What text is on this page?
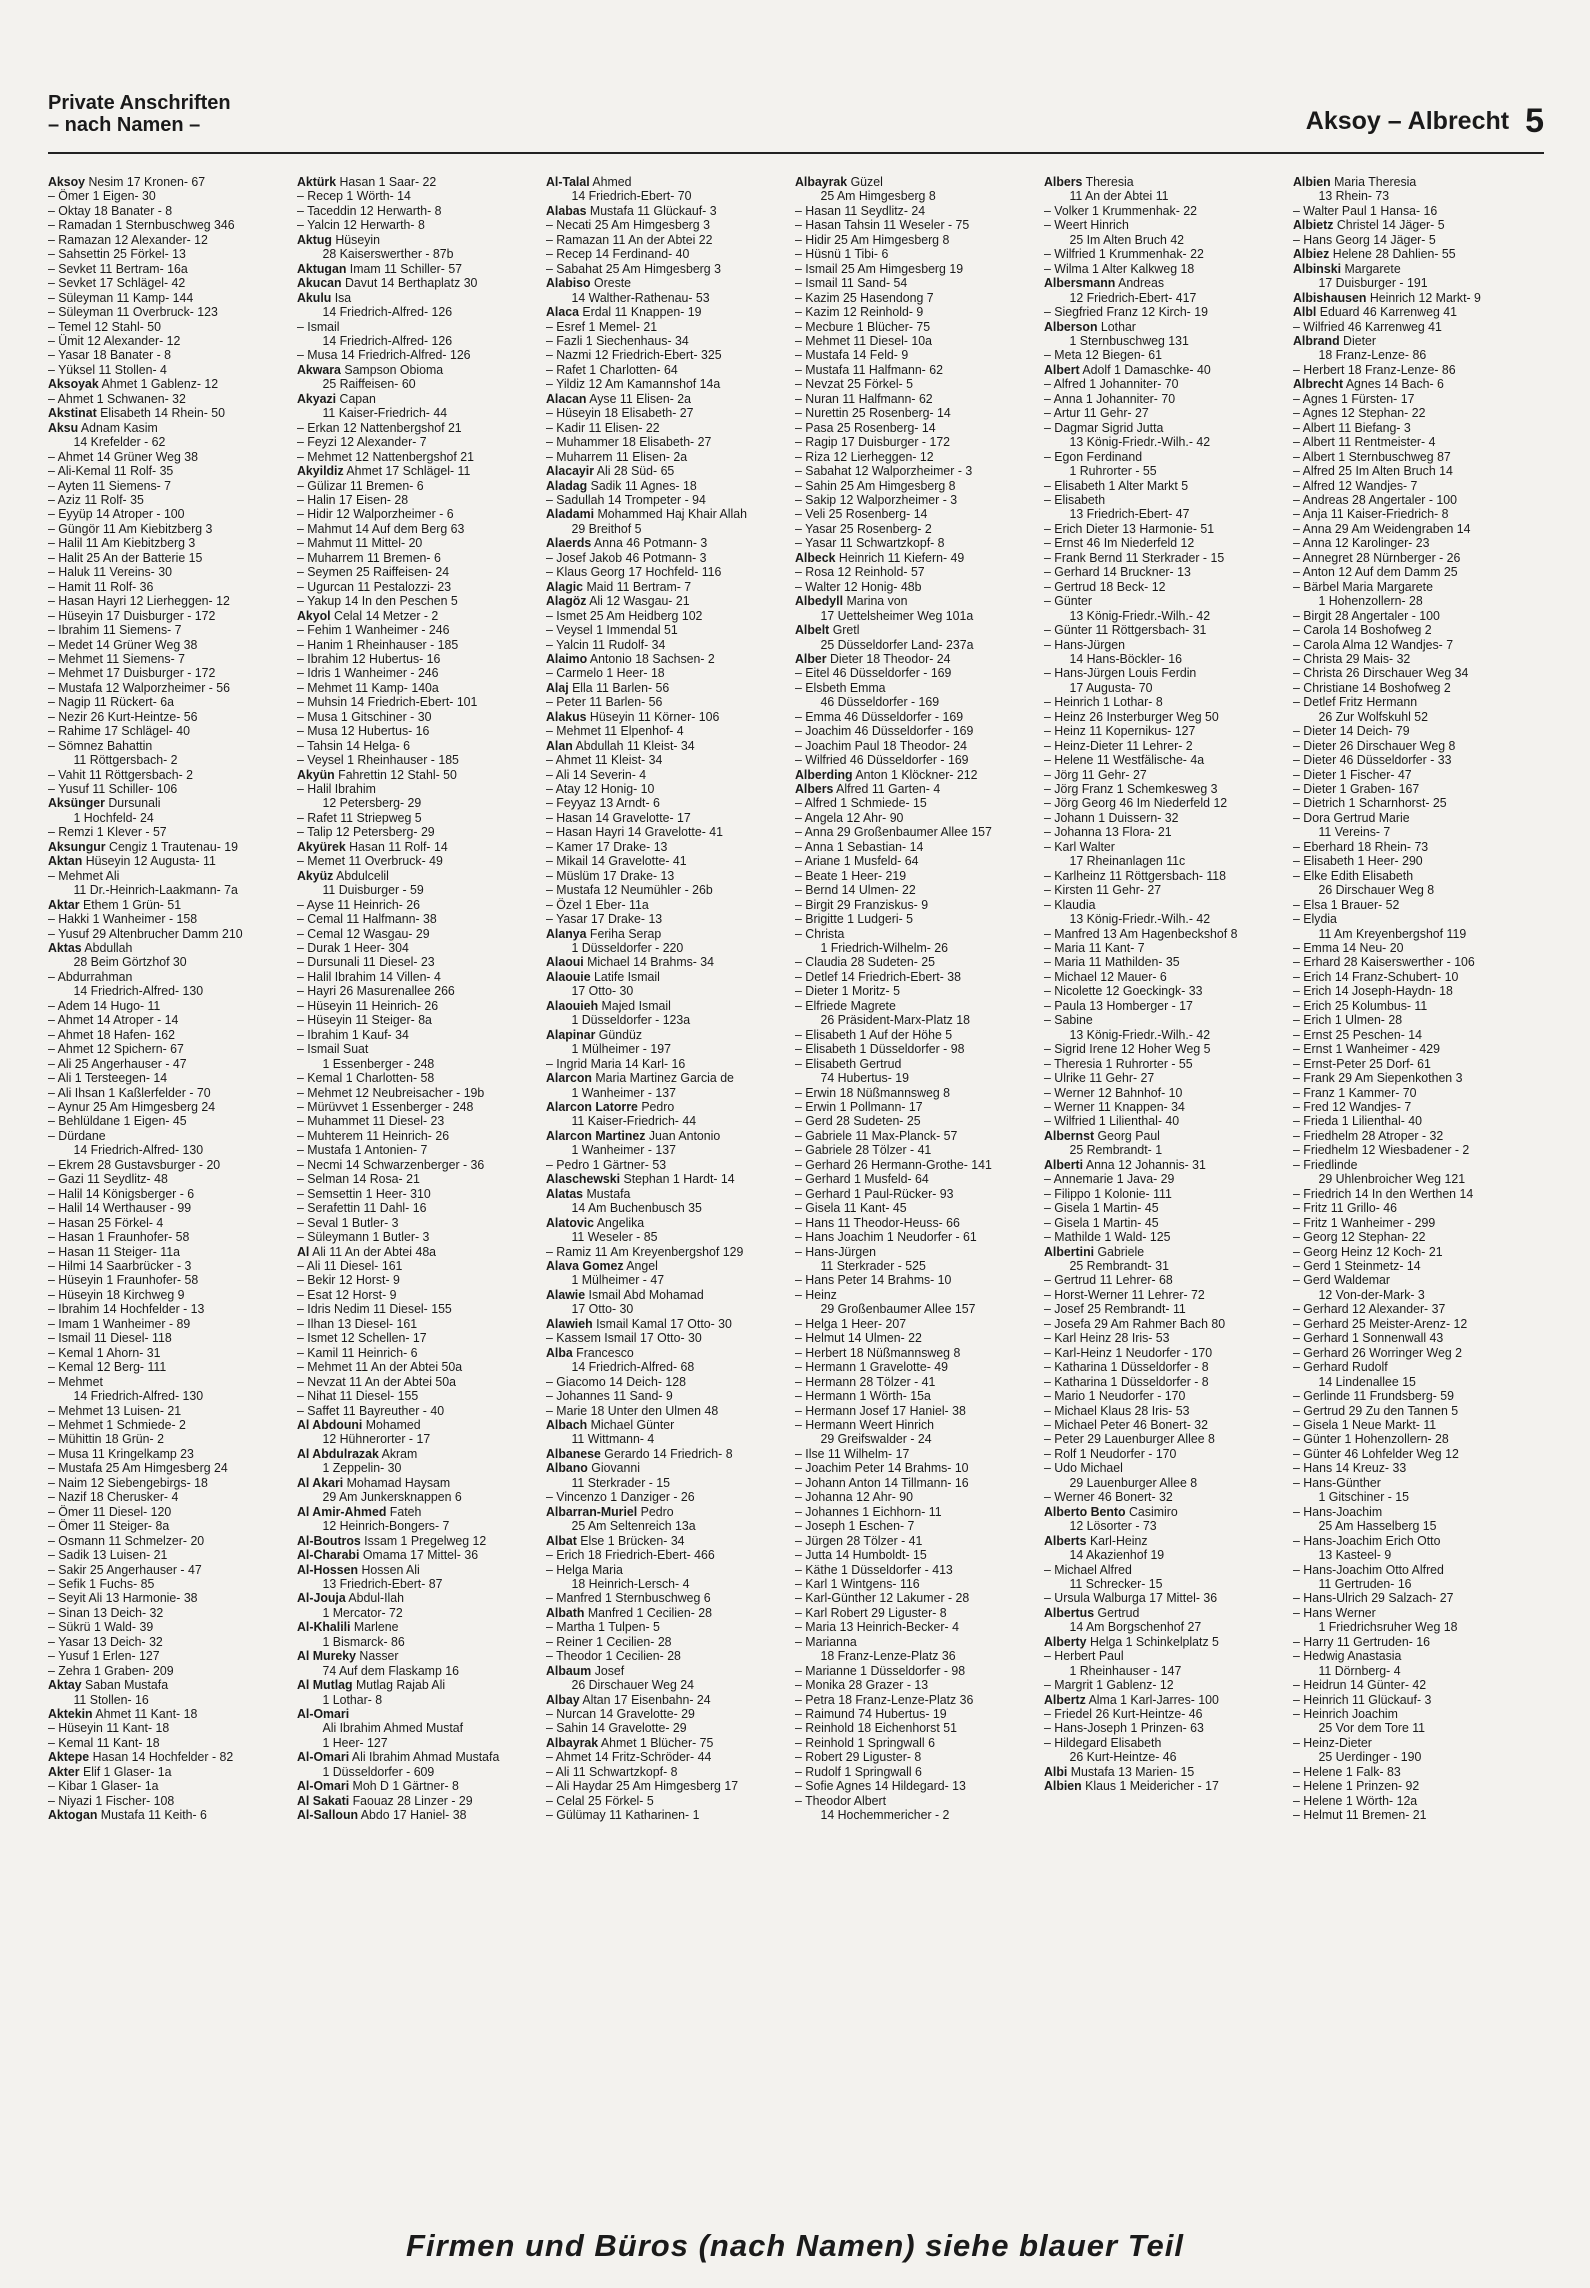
Private Anschriften
– nach Namen –	Aksoy – Albrecht 5
Aksoy Nesim 17 Kronen- 67
– Ömer 1 Eigen- 30
– Oktay 18 Banater - 8
– Ramadan 1 Sternbuschweg 346
– Ramazan 12 Alexander- 12
– Sahsettin 25 Förkel- 13
– Sevket 11 Bertram- 16a
– Sevket 17 Schlägel- 42
– Süleyman 11 Kamp- 144
– Süleyman 11 Overbruck- 123
– Temel 12 Stahl- 50
– Ümit 12 Alexander- 12
– Yasar 18 Banater - 8
– Yüksel 11 Stollen- 4
Aksoyak Ahmet 1 Gablenz- 12
– Ahmet 1 Schwanen- 32
Akstinat Elisabeth 14 Rhein- 50
Aksu Adnam Kasim
14 Krefelder - 62
– Ahmet 14 Grüner Weg 38
– Ali-Kemal 11 Rolf- 35
– Ayten 11 Siemens- 7
– Aziz 11 Rolf- 35
– Eyyüp 14 Atroper - 100
– Güngör 11 Am Kiebitzberg 3
– Halil 11 Am Kiebitzberg 3
– Halit 25 An der Batterie 15
– Haluk 11 Vereins- 30
– Hamit 11 Rolf- 36
– Hasan Hayri 12 Lierheggen- 12
– Hüseyin 17 Duisburger - 172
– Ibrahim 11 Siemens- 7
– Medet 14 Grüner Weg 38
– Mehmet 11 Siemens- 7
– Mehmet 17 Duisburger - 172
– Mustafa 12 Walporzheimer - 56
– Nagip 11 Rückert- 6a
– Nezir 26 Kurt-Heintze- 56
– Rahime 17 Schlägel- 40
– Sömnez Bahattin
11 Röttgersbach- 2
– Vahit 11 Röttgersbach- 2
– Yusuf 11 Schiller- 106
Aksünger Dursunali
1 Hochfeld- 24
– Remzi 1 Klever - 57
Aksungur Cengiz 1 Trautenau- 19
Aktan Hüseyin 12 Augusta- 11
– Mehmet Ali
11 Dr.-Heinrich-Laakmann- 7a
Aktar Ethem 1 Grün- 51
– Hakki 1 Wanheimer - 158
– Yusuf 29 Altenbrucher Damm 210
Aktas Abdullah
28 Beim Görtzhof 30
– Abdurrahman
14 Friedrich-Alfred- 130
– Adem 14 Hugo- 11
– Ahmet 14 Atroper - 14
– Ahmet 18 Hafen- 162
– Ahmet 12 Spichern- 67
– Ali 25 Angerhauser - 47
– Ali 1 Tersteegen- 14
– Ali Ihsan 1 Kaßlerfelder - 70
– Aynur 25 Am Himgesberg 24
– Behlüldane 1 Eigen- 45
– Dürdane
14 Friedrich-Alfred- 130
– Ekrem 28 Gustavsburger - 20
– Gazi 11 Seydlitz- 48
– Halil 14 Königsberger - 6
– Halil 14 Werthauser - 99
– Hasan 25 Förkel- 4
– Hasan 1 Fraunhofer- 58
– Hasan 11 Steiger- 11a
– Hilmi 14 Saarbrücker - 3
– Hüseyin 1 Fraunhofer- 58
– Hüseyin 18 Kirchweg 9
– Ibrahim 14 Hochfelder - 13
– Imam 1 Wanheimer - 89
– Ismail 11 Diesel- 118
– Kemal 1 Ahorn- 31
– Kemal 12 Berg- 111
– Mehmet
14 Friedrich-Alfred- 130
– Mehmet 13 Luisen- 21
– Mehmet 1 Schmiede- 2
– Mühittin 18 Grün- 2
– Musa 11 Kringelkamp 23
– Mustafa 25 Am Himgesberg 24
– Naim 12 Siebengebirgs- 18
– Nazif 18 Cherusker- 4
– Ömer 11 Diesel- 120
– Ömer 11 Steiger- 8a
– Osmann 11 Schmelzer- 20
– Sadik 13 Luisen- 21
– Sakir 25 Angerhauser - 47
– Sefik 1 Fuchs- 85
– Seyit Ali 13 Harmonie- 38
– Sinan 13 Deich- 32
– Sükrü 1 Wald- 39
– Yasar 13 Deich- 32
– Yusuf 1 Erlen- 127
– Zehra 1 Graben- 209
Aktay Saban Mustafa
11 Stollen- 16
Aktekin Ahmet 11 Kant- 18
– Hüseyin 11 Kant- 18
– Kemal 11 Kant- 18
Aktepe Hasan 14 Hochfelder - 82
Akter Elif 1 Glaser- 1a
– Kibar 1 Glaser- 1a
– Niyazi 1 Fischer- 108
Aktogan Mustafa 11 Keith- 6
Aktürk Hasan 1 Saar- 22
– Recep 1 Wörth- 14
– Taceddin 12 Herwarth- 8
– Yalcin 12 Herwarth- 8
Aktug Hüseyin
28 Kaiserswerther - 87b
Aktugan Imam 11 Schiller- 57
Akucan Davut 14 Berthaplatz 30
Akulu Isa
14 Friedrich-Alfred- 126
– Ismail
14 Friedrich-Alfred- 126
– Musa 14 Friedrich-Alfred- 126
Akwara Sampson Obioma
25 Raiffeisen- 60
Akyazi Capan
11 Kaiser-Friedrich- 44
– Erkan 12 Nattenbergshof 21
– Feyzi 12 Alexander- 7
– Mehmet 12 Nattenbergshof 21
Akyildiz Ahmet 17 Schlägel- 11
– Gülizar 11 Bremen- 6
– Halin 17 Eisen- 28
– Hidir 12 Walporzheimer - 6
– Mahmut 14 Auf dem Berg 63
– Mahmut 11 Mittel- 20
– Muharrem 11 Bremen- 6
– Seymen 25 Raiffeisen- 24
– Ugurcan 11 Pestalozzi- 23
– Yakup 14 In den Peschen 5
Akyol Celal 14 Metzer - 2
– Fehim 1 Wanheimer - 246
– Hanim 1 Rheinhauser - 185
– Ibrahim 12 Hubertus- 16
– Idris 1 Wanheimer - 246
– Mehmet 11 Kamp- 140a
– Muhsin 14 Friedrich-Ebert- 101
– Musa 1 Gitschiner - 30
– Musa 12 Hubertus- 16
– Tahsin 14 Helga- 6
– Veysel 1 Rheinhauser - 185
Akyün Fahrettin 12 Stahl- 50
– Halil Ibrahim
12 Petersberg- 29
– Rafet 11 Striepweg 5
– Talip 12 Petersberg- 29
Akyürek Hasan 11 Rolf- 14
– Memet 11 Overbruck- 49
Akyüz Abdulcelil
11 Duisburger - 59
– Ayse 11 Heinrich- 26
– Cemal 11 Halfmann- 38
– Cemal 12 Wasgau- 29
– Durak 1 Heer- 304
– Dursunali 11 Diesel- 23
– Halil Ibrahim 14 Villen- 4
– Hayri 26 Masurenallee 266
– Hüseyin 11 Heinrich- 26
– Hüseyin 11 Steiger- 8a
– Ibrahim 1 Kauf- 34
– Ismail Suat
1 Essenberger - 248
– Kemal 1 Charlotten- 58
– Mehmet 12 Neubreisacher - 19b
– Mürüvvet 1 Essenberger - 248
– Muhammet 11 Diesel- 23
– Muhterem 11 Heinrich- 26
– Mustafa 1 Antonien- 7
– Necmi 14 Schwarzenberger - 36
– Selman 14 Rosa- 21
– Semsettin 1 Heer- 310
– Serafettin 11 Dahl- 16
– Seval 1 Butler- 3
– Süleymann 1 Butler- 3
Al Ali 11 An der Abtei 48a
– Ali 11 Diesel- 161
– Bekir 12 Horst- 9
– Esat 12 Horst- 9
– Idris Nedim 11 Diesel- 155
– Ilhan 13 Diesel- 161
– Ismet 12 Schellen- 17
– Kamil 11 Heinrich- 6
– Mehmet 11 An der Abtei 50a
– Nevzat 11 An der Abtei 50a
– Nihat 11 Diesel- 155
– Saffet 11 Bayreuther - 40
Al Abdouni Mohamed
12 Hühnerorter - 17
Al Abdulrazak Akram
1 Zeppelin- 30
Al Akari Mohamad Haysam
29 Am Junkersknappen 6
Al Amir-Ahmed Fateh
12 Heinrich-Bongers- 7
Al-Boutros Issam 1 Pregelweg 12
Al-Charabi Omama 17 Mittel- 36
Al-Hossen Hossen Ali
13 Friedrich-Ebert- 87
Al-Jouja Abdul-Ilah
1 Mercator- 72
Al-Khalili Marlene
1 Bismarck- 86
Al Mureky Nasser
74 Auf dem Flaskamp 16
Al Mutlag Mutlag Rajab Ali
1 Lothar- 8
Al-Omari
Ali Ibrahim Ahmed Mustaf
1 Heer- 127
Al-Omari Ali Ibrahim Ahmad Mustafa
1 Düsseldorfer - 609
Al-Omari Moh D 1 Gärtner- 8
Al Sakati Faouaz 28 Linzer - 29
Al-Salloun Abdo 17 Haniel- 38
Al-Talal Ahmed
14 Friedrich-Ebert- 70
Alabas Mustafa 11 Glückauf- 3
– Necati 25 Am Himgesberg 3
– Ramazan 11 An der Abtei 22
– Recep 14 Ferdinand- 40
– Sabahat 25 Am Himgesberg 3
Alabiso Oreste
14 Walther-Rathenau- 53
Alaca Erdal 11 Knappen- 19
– Esref 1 Memel- 21
– Fazli 1 Siechenhaus- 34
– Nazmi 12 Friedrich-Ebert- 325
– Rafet 1 Charlotten- 64
– Yildiz 12 Am Kamannshof 14a
Alacan Ayse 11 Elisen- 2a
– Hüseyin 18 Elisabeth- 27
– Kadir 11 Elisen- 22
– Muhammer 18 Elisabeth- 27
– Muharrem 11 Elisen- 2a
Alacayir Ali 28 Süd- 65
Aladag Sadik 11 Agnes- 18
– Sadullah 14 Trompeter - 94
Aladami Mohammed Haj Khair Allah
29 Breithof 5
Alaerds Anna 46 Potmann- 3
– Josef Jakob 46 Potmann- 3
– Klaus Georg 17 Hochfeld- 116
Alagic Maid 11 Bertram- 7
Alagöz Ali 12 Wasgau- 21
– Ismet 25 Am Heidberg 102
– Veysel 1 Immendal 51
– Yalcin 11 Rudolf- 34
Alaimo Antonio 18 Sachsen- 2
– Carmelo 1 Heer- 18
Alaj Ella 11 Barlen- 56
– Peter 11 Barlen- 56
Alakus Hüseyin 11 Körner- 106
– Mehmet 11 Elpenhof- 4
Alan Abdullah 11 Kleist- 34
– Ahmet 11 Kleist- 34
– Ali 14 Severin- 4
– Atay 12 Honig- 10
– Feyyaz 13 Arndt- 6
– Hasan 14 Gravelotte- 17
– Hasan Hayri 14 Gravelotte- 41
– Kamer 17 Drake- 13
– Mikail 14 Gravelotte- 41
– Müslüm 17 Drake- 13
– Mustafa 12 Neumühler - 26b
– Özel 1 Eber- 11a
– Yasar 17 Drake- 13
Alanya Feriha Serap
1 Düsseldorfer - 220
Alaoui Michael 14 Brahms- 34
Alaouie Latife Ismail
17 Otto- 30
Alaouieh Majed Ismail
1 Düsseldorfer - 123a
Alapinar Gündüz
1 Mülheimer - 197
– Ingrid Maria 14 Karl- 16
Alarcon Maria Martinez Garcia de
1 Wanheimer - 137
Alarcon Latorre Pedro
11 Kaiser-Friedrich- 44
Alarcon Martinez Juan Antonio
1 Wanheimer - 137
– Pedro 1 Gärtner- 53
Alaschewski Stephan 1 Hardt- 14
Alatas Mustafa
14 Am Buchenbusch 35
Alatovic Angelika
11 Weseler - 85
– Ramiz 11 Am Kreyenbergshof 129
Alava Gomez Angel
1 Mülheimer - 47
Alawie Ismail Abd Mohamad
17 Otto- 30
Alawieh Ismail Kamal 17 Otto- 30
– Kassem Ismail 17 Otto- 30
Alba Francesco
14 Friedrich-Alfred- 68
– Giacomo 14 Deich- 128
– Johannes 11 Sand- 9
– Marie 18 Unter den Ulmen 48
Albach Michael Günter
11 Wittmann- 4
Albanese Gerardo 14 Friedrich- 8
Albano Giovanni
11 Sterkrader - 15
– Vincenzo 1 Danziger - 26
Albarran-Muriel Pedro
25 Am Seltenreich 13a
Albat Else 1 Brücken- 34
– Erich 18 Friedrich-Ebert- 466
– Helga Maria
18 Heinrich-Lersch- 4
– Manfred 1 Sternbuschweg 6
Albath Manfred 1 Cecilien- 28
– Martha 1 Tulpen- 5
– Reiner 1 Cecilien- 28
– Theodor 1 Cecilien- 28
Albaum Josef
26 Dirschauer Weg 24
Albay Altan 17 Eisenbahn- 24
– Nurcan 14 Gravelotte- 29
– Sahin 14 Gravelotte- 29
Albayrak Ahmet 1 Blücher- 75
– Ahmet 14 Fritz-Schröder- 44
– Ali 11 Schwartzkopf- 8
– Ali Haydar 25 Am Himgesberg 17
– Celal 25 Förkel- 5
– Gülümay 11 Katharinen- 1
Albayrak Güzel
25 Am Himgesberg 8
– Hasan 11 Seydlitz- 24
– Hasan Tahsin 11 Weseler - 75
– Hidir 25 Am Himgesberg 8
– Hüsnü 1 Tibi- 6
– Ismail 25 Am Himgesberg 19
– Ismail 11 Sand- 54
– Kazim 25 Hasendong 7
– Kazim 12 Reinhold- 9
– Mecbure 1 Blücher- 75
– Mehmet 11 Diesel- 10a
– Mustafa 14 Feld- 9
– Mustafa 11 Halfmann- 62
– Nevzat 25 Förkel- 5
– Nuran 11 Halfmann- 62
– Nurettin 25 Rosenberg- 14
– Pasa 25 Rosenberg- 14
– Ragip 17 Duisburger - 172
– Riza 12 Lierheggen- 12
– Sabahat 12 Walporzheimer - 3
– Sahin 25 Am Himgesberg 8
– Sakip 12 Walporzheimer - 3
– Veli 25 Rosenberg- 14
– Yasar 25 Rosenberg- 2
– Yasar 11 Schwartzkopf- 8
Albeck Heinrich 11 Kiefern- 49
– Rosa 12 Reinhold- 57
– Walter 12 Honig- 48b
Albedyll Marina von
17 Uettelsheimer Weg 101a
Albelt Gretl
25 Düsseldorfer Land- 237a
Alber Dieter 18 Theodor- 24
– Eitel 46 Düsseldorfer - 169
– Elsbeth Emma
46 Düsseldorfer - 169
– Emma 46 Düsseldorfer - 169
– Joachim 46 Düsseldorfer - 169
– Joachim Paul 18 Theodor- 24
– Wilfried 46 Düsseldorfer - 169
Alberding Anton 1 Klöckner- 212
Albers Alfred 11 Garten- 4
– Alfred 1 Schmiede- 15
– Angela 12 Ahr- 90
– Anna 29 Großenbaumer Allee 157
– Anna 1 Sebastian- 14
– Ariane 1 Musfeld- 64
– Beate 1 Heer- 219
– Bernd 14 Ulmen- 22
– Birgit 29 Franziskus- 9
– Brigitte 1 Ludgeri- 5
– Christa
1 Friedrich-Wilhelm- 26
– Claudia 28 Sudeten- 25
– Detlef 14 Friedrich-Ebert- 38
– Dieter 1 Moritz- 5
– Elfriede Magrete
26 Präsident-Marx-Platz 18
– Elisabeth 1 Auf der Höhe 5
– Elisabeth 1 Düsseldorfer - 98
– Elisabeth Gertrud
74 Hubertus- 19
– Erwin 18 Nüßmannsweg 8
– Erwin 1 Pollmann- 17
– Gerd 28 Sudeten- 25
– Gabriele 11 Max-Planck- 57
– Gabriele 28 Tölzer - 41
– Gerhard 26 Hermann-Grothe- 141
– Gerhard 1 Musfeld- 64
– Gerhard 1 Paul-Rücker- 93
– Gisela 11 Kant- 45
– Hans 11 Theodor-Heuss- 66
– Hans Joachim 1 Neudorfer - 61
– Hans-Jürgen
11 Sterkrader - 525
– Hans Peter 14 Brahms- 10
– Heinz
29 Großenbaumer Allee 157
– Helga 1 Heer- 207
– Helmut 14 Ulmen- 22
– Herbert 18 Nüßmannsweg 8
– Hermann 1 Gravelotte- 49
– Hermann 28 Tölzer - 41
– Hermann 1 Wörth- 15a
– Hermann Josef 17 Haniel- 38
– Hermann Weert Hinrich
29 Greifswalder - 24
– Ilse 11 Wilhelm- 17
– Joachim Peter 14 Brahms- 10
– Johann Anton 14 Tillmann- 16
– Johanna 12 Ahr- 90
– Johannes 1 Eichhorn- 11
– Joseph 1 Eschen- 7
– Jürgen 28 Tölzer - 41
– Jutta 14 Humboldt- 15
– Käthe 1 Düsseldorfer - 413
– Karl 1 Wintgens- 116
– Karl-Günther 12 Lakumer - 28
– Karl Robert 29 Liguster- 8
– Maria 13 Heinrich-Becker- 4
– Marianna
18 Franz-Lenze-Platz 36
– Marianne 1 Düsseldorfer - 98
– Monika 28 Grazer - 13
– Petra 18 Franz-Lenze-Platz 36
– Raimund 74 Hubertus- 19
– Reinhold 18 Eichenhorst 51
– Reinhold 1 Springwall 6
– Robert 29 Liguster- 8
– Rudolf 1 Springwall 6
– Sofie Agnes 14 Hildegard- 13
– Theodor Albert
14 Hochemmericher - 2
Albers Theresia
11 An der Abtei 11
– Volker 1 Krummenhak- 22
– Weert Hinrich
25 Im Alten Bruch 42
– Wilfried 1 Krummenhak- 22
– Wilma 1 Alter Kalkweg 18
Albersmann Andreas
12 Friedrich-Ebert- 417
– Siegfried Franz 12 Kirch- 19
Alberson Lothar
1 Sternbuschweg 131
– Meta 12 Biegen- 61
Albert Adolf 1 Damaschke- 40
– Alfred 1 Johanniter- 70
– Anna 1 Johanniter- 70
– Artur 11 Gehr- 27
– Dagmar Sigrid Jutta
13 König-Friedr.-Wilh.- 42
– Egon Ferdinand
1 Ruhrorter - 55
– Elisabeth 1 Alter Markt 5
– Elisabeth
13 Friedrich-Ebert- 47
– Erich Dieter 13 Harmonie- 51
– Ernst 46 Im Niederfeld 12
– Frank Bernd 11 Sterkrader - 15
– Gerhard 14 Bruckner- 13
– Gertrud 18 Beck- 12
– Günter
13 König-Friedr.-Wilh.- 42
– Günter 11 Röttgersbach- 31
– Hans-Jürgen
14 Hans-Böckler- 16
– Hans-Jürgen Louis Ferdin
17 Augusta- 70
– Heinrich 1 Lothar- 8
– Heinz 26 Insterburger Weg 50
– Heinz 11 Kopernikus- 127
– Heinz-Dieter 11 Lehrer- 2
– Helene 11 Westfälische- 4a
– Jörg 11 Gehr- 27
– Jörg Franz 1 Schemkesweg 3
– Jörg Georg 46 Im Niederfeld 12
– Johann 1 Duissern- 32
– Johanna 13 Flora- 21
– Karl Walter
17 Rheinanlagen 11c
– Karlheinz 11 Röttgersbach- 118
– Kirsten 11 Gehr- 27
– Klaudia
13 König-Friedr.-Wilh.- 42
– Manfred 13 Am Hagenbeckshof 8
– Maria 11 Kant- 7
– Maria 11 Mathilden- 35
– Michael 12 Mauer- 6
– Nicolette 12 Goeckingk- 33
– Paula 13 Homberger - 17
– Sabine
13 König-Friedr.-Wilh.- 42
– Sigrid Irene 12 Hoher Weg 5
– Theresia 1 Ruhrorter - 55
– Ulrike 11 Gehr- 27
– Werner 12 Bahnhof- 10
– Werner 11 Knappen- 34
– Wilfried 1 Lilienthal- 40
Albernst Georg Paul
25 Rembrandt- 1
Alberti Anna 12 Johannis- 31
– Annemarie 1 Java- 29
– Filippo 1 Kolonie- 111
– Gisela 1 Martin- 45
– Gisela 1 Martin- 45
– Mathilde 1 Wald- 125
Albertini Gabriele
25 Rembrandt- 31
– Gertrud 11 Lehrer- 68
– Horst-Werner 11 Lehrer- 72
– Josef 25 Rembrandt- 11
– Josefa 29 Am Rahmer Bach 80
– Karl Heinz 28 Iris- 53
– Karl-Heinz 1 Neudorfer - 170
– Katharina 1 Düsseldorfer - 8
– Katharina 1 Düsseldorfer - 8
– Mario 1 Neudorfer - 170
– Michael Klaus 28 Iris- 53
– Michael Peter 46 Bonert- 32
– Peter 29 Lauenburger Allee 8
– Rolf 1 Neudorfer - 170
– Udo Michael
29 Lauenburger Allee 8
– Werner 46 Bonert- 32
Alberto Bento Casimiro
12 Lösorter - 73
Alberts Karl-Heinz
14 Akazienhof 19
– Michael Alfred
11 Schrecker- 15
– Ursula Walburga 17 Mittel- 36
Albertus Gertrud
14 Am Borgschenhof 27
Alberty Helga 1 Schinkelplatz 5
– Herbert Paul
1 Rheinhauser - 147
– Margrit 1 Gablenz- 12
Albertz Alma 1 Karl-Jarres- 100
– Friedel 26 Kurt-Heintze- 46
– Hans-Joseph 1 Prinzen- 63
– Hildegard Elisabeth
26 Kurt-Heintze- 46
Albi Mustafa 13 Marien- 15
Albien Klaus 1 Meidericher - 17
Albien Maria Theresia
13 Rhein- 73
– Walter Paul 1 Hansa- 16
Albietz Christel 14 Jäger- 5
– Hans Georg 14 Jäger- 5
Albiez Helene 28 Dahlien- 55
Albinski Margarete
17 Duisburger - 191
Albishausen Heinrich 12 Markt- 9
Albl Eduard 46 Karrenweg 41
– Wilfried 46 Karrenweg 41
Albrand Dieter
18 Franz-Lenze- 86
– Herbert 18 Franz-Lenze- 86
Albrecht Agnes 14 Bach- 6
– Agnes 1 Fürsten- 17
– Agnes 12 Stephan- 22
– Albert 11 Biefang- 3
– Albert 11 Rentmeister- 4
– Albert 1 Sternbuschweg 87
– Alfred 25 Im Alten Bruch 14
– Alfred 12 Wandjes- 7
– Andreas 28 Angertaler - 100
– Anja 11 Kaiser-Friedrich- 8
– Anna 29 Am Weidengraben 14
– Anna 12 Karolinger- 23
– Annegret 28 Nürnberger - 26
– Anton 12 Auf dem Damm 25
– Bärbel Maria Margarete
1 Hohenzollern- 28
– Birgit 28 Angertaler - 100
– Carola 14 Boshofweg 2
– Carola Alma 12 Wandjes- 7
– Christa 29 Mais- 32
– Christa 26 Dirschauer Weg 34
– Christiane 14 Boshofweg 2
– Detlef Fritz Hermann
26 Zur Wolfskuhl 52
– Dieter 14 Deich- 79
– Dieter 26 Dirschauer Weg 8
– Dieter 46 Düsseldorfer - 33
– Dieter 1 Fischer- 47
– Dieter 1 Graben- 167
– Dietrich 1 Scharnhorst- 25
– Dora Gertrud Marie
11 Vereins- 7
– Eberhard 18 Rhein- 73
– Elisabeth 1 Heer- 290
– Elke Edith Elisabeth
26 Dirschauer Weg 8
– Elsa 1 Brauer- 52
– Elydia
11 Am Kreyenbergshof 119
– Emma 14 Neu- 20
– Erhard 28 Kaiserswerther - 106
– Erich 14 Franz-Schubert- 10
– Erich 14 Joseph-Haydn- 18
– Erich 25 Kolumbus- 11
– Erich 1 Ulmen- 28
– Ernst 25 Peschen- 14
– Ernst 1 Wanheimer - 429
– Ernst-Peter 25 Dorf- 61
– Frank 29 Am Siepenkothen 3
– Franz 1 Kammer- 70
– Fred 12 Wandjes- 7
– Frieda 1 Lilienthal- 40
– Friedhelm 28 Atroper - 32
– Friedhelm 12 Wiesbadener - 2
– Friedlinde
29 Uhlenbroicher Weg 121
– Friedrich 14 In den Werthen 14
– Fritz 11 Grillo- 46
– Fritz 1 Wanheimer - 299
– Georg 12 Stephan- 22
– Georg Heinz 12 Koch- 21
– Gerd 1 Steinmetz- 14
– Gerd Waldemar
12 Von-der-Mark- 3
– Gerhard 12 Alexander- 37
– Gerhard 25 Meister-Arenz- 12
– Gerhard 1 Sonnenwall 43
– Gerhard 26 Worringer Weg 2
– Gerhard Rudolf
14 Lindenallee 15
– Gerlinde 11 Frundsberg- 59
– Gertrud 29 Zu den Tannen 5
– Gisela 1 Neue Markt- 11
– Günter 1 Hohenzollern- 28
– Günter 46 Lohfelder Weg 12
– Hans 14 Kreuz- 33
– Hans-Günther
1 Gitschiner - 15
– Hans-Joachim
25 Am Hasselberg 15
– Hans-Joachim Erich Otto
13 Kasteel- 9
– Hans-Joachim Otto Alfred
11 Gertruden- 16
– Hans-Ulrich 29 Salzach- 27
– Hans Werner
1 Friedrichsruher Weg 18
– Harry 11 Gertruden- 16
– Hedwig Anastasia
11 Dörnberg- 4
– Heidrun 14 Günter- 42
– Heinrich 11 Glückauf- 3
– Heinrich Joachim
25 Vor dem Tore 11
– Heinz-Dieter
25 Uerdinger - 190
– Helene 1 Falk- 83
– Helene 1 Prinzen- 92
– Helene 1 Wörth- 12a
– Helmut 11 Bremen- 21
Firmen und Büros (nach Namen) siehe blauer Teil
